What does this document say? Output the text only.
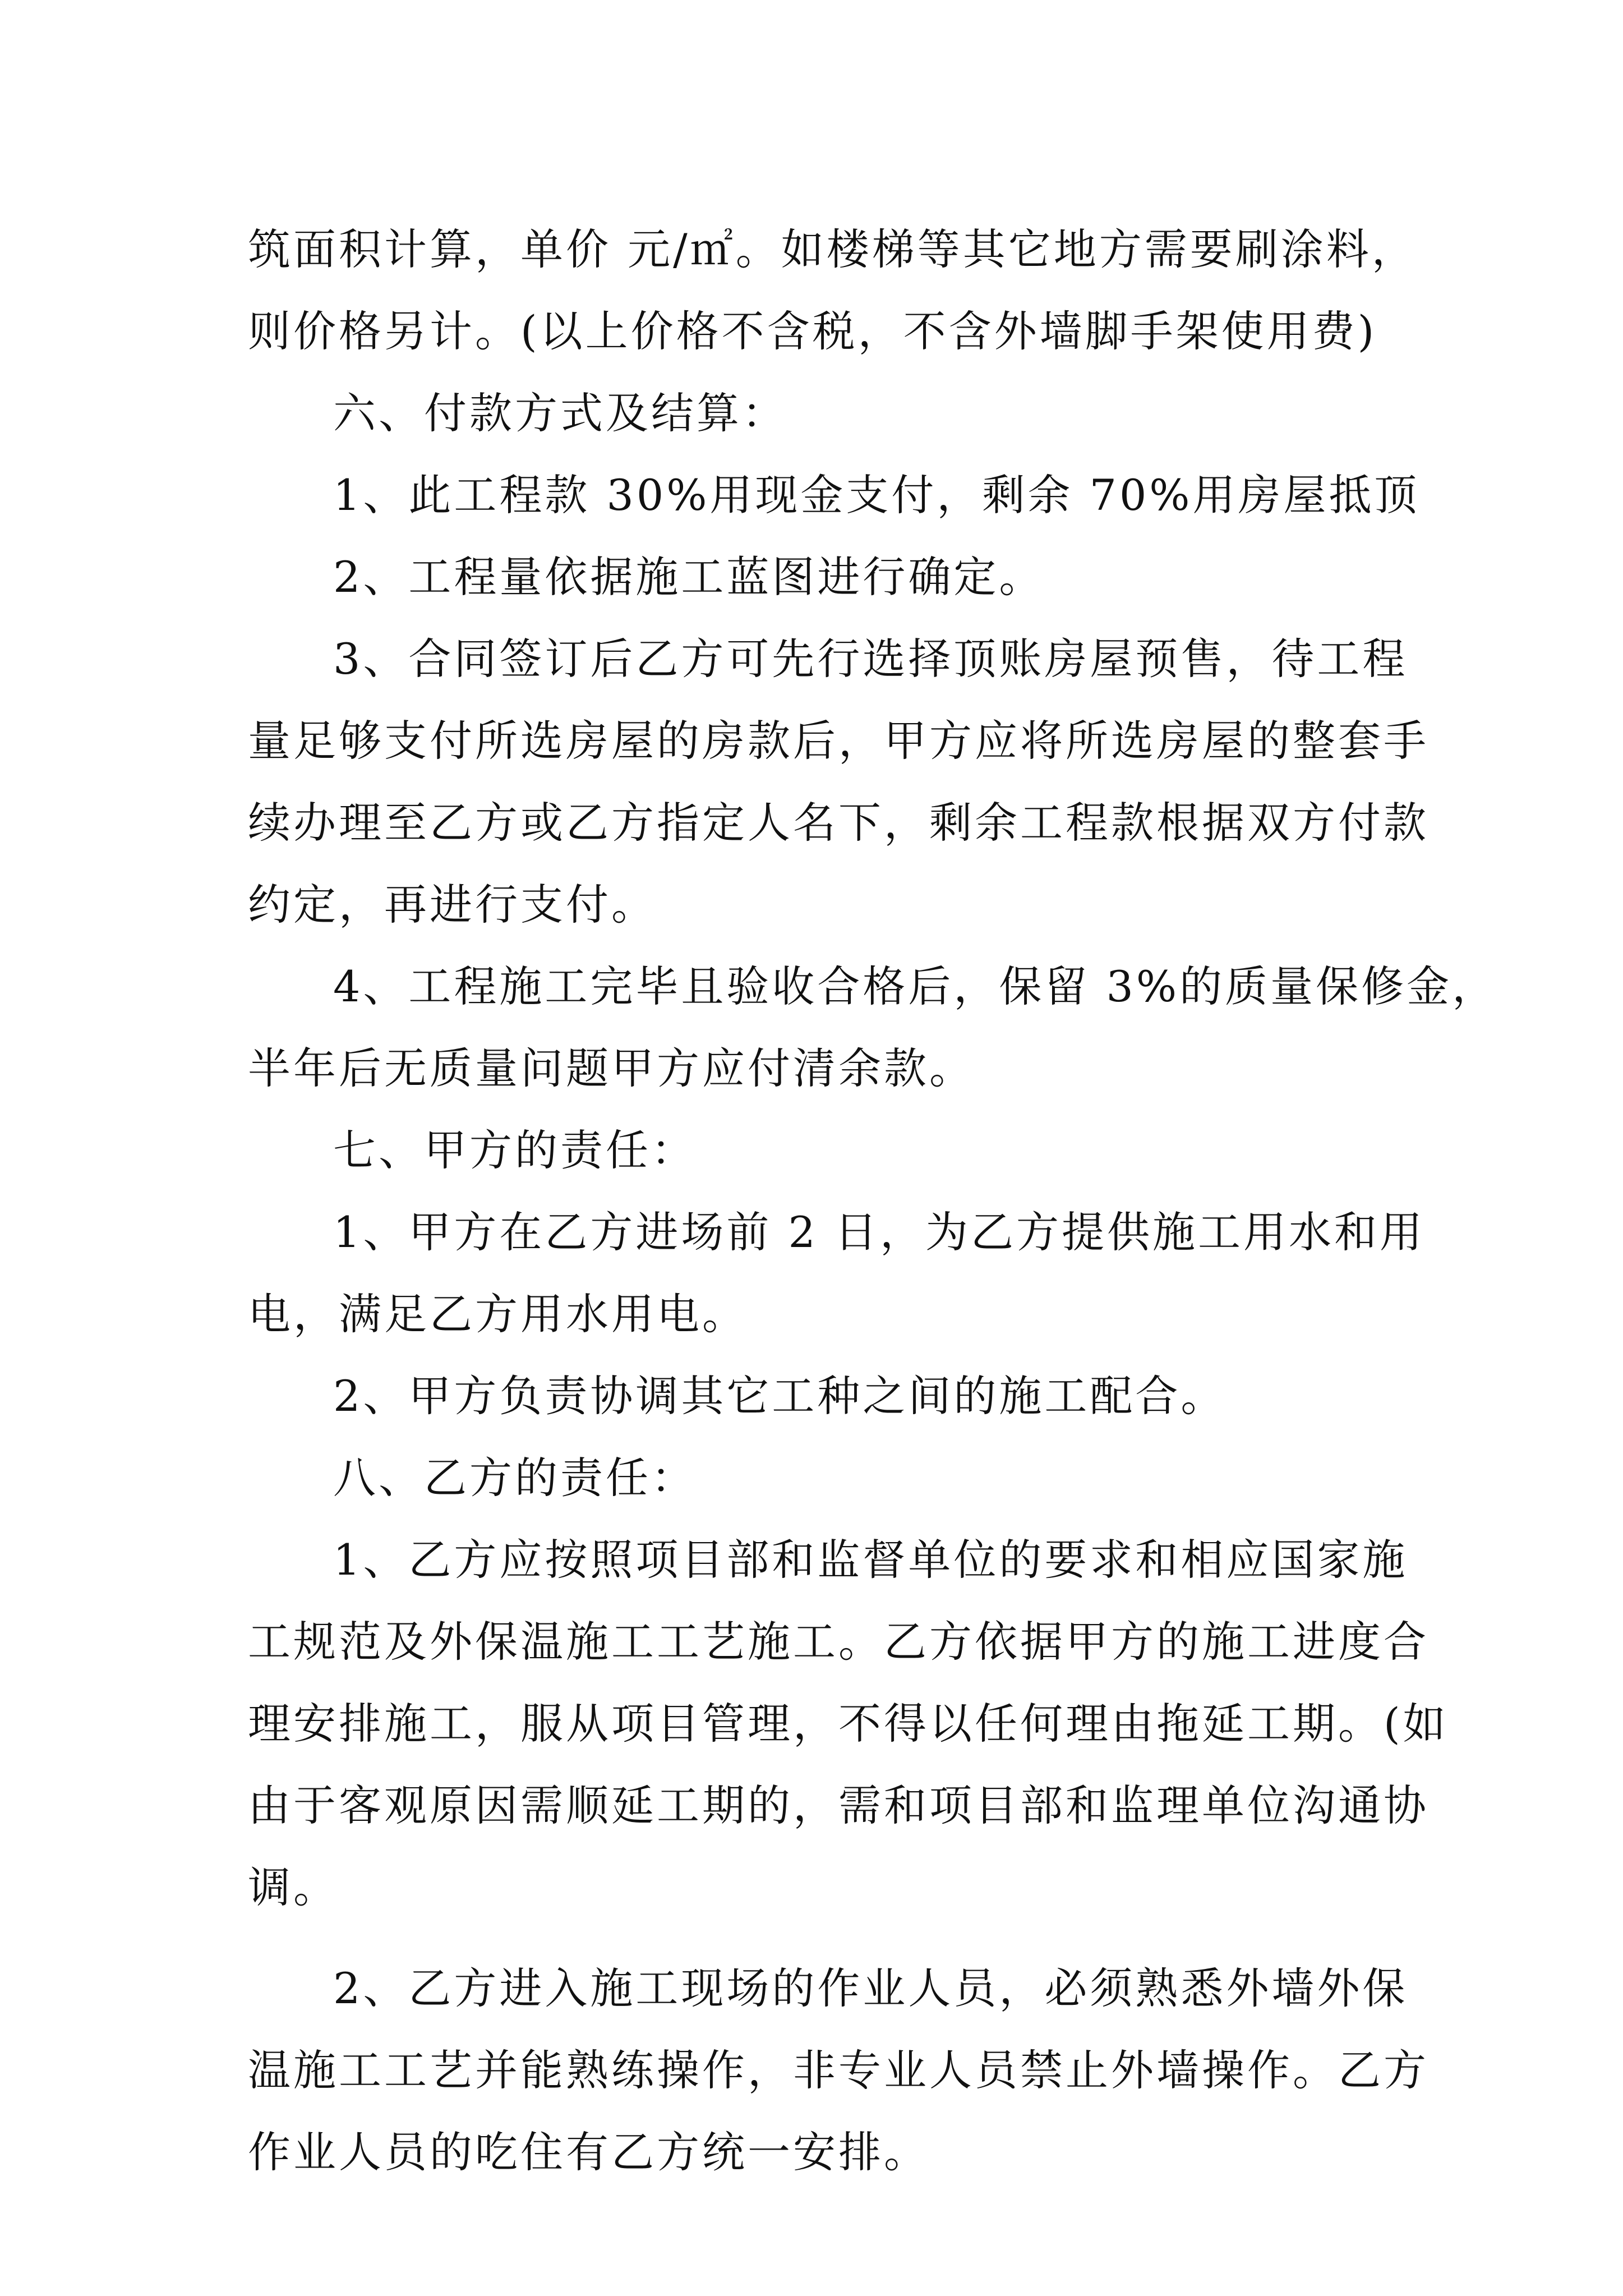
筑面积计算，单价 元/㎡。如楼梯等其它地方需要刷涂料，
则价格另计。(以上价格不含税，不含外墙脚手架使用费)

六、付款方式及结算：

1、此工程款 30%用现金支付，剩余 70%用房屋抵顶

2、工程量依据施工蓝图进行确定。

3、合同签订后乙方可先行选择顶账房屋预售，待工程
量足够支付所选房屋的房款后，甲方应将所选房屋的整套手
续办理至乙方或乙方指定人名下，剩余工程款根据双方付款
约定，再进行支付。

4、工程施工完毕且验收合格后，保留 3%的质量保修金，
半年后无质量问题甲方应付清余款。

七、甲方的责任：

1、甲方在乙方进场前 2 日，为乙方提供施工用水和用
电，满足乙方用水用电。

2、甲方负责协调其它工种之间的施工配合。

八、乙方的责任：

1、乙方应按照项目部和监督单位的要求和相应国家施
工规范及外保温施工工艺施工。乙方依据甲方的施工进度合
理安排施工，服从项目管理，不得以任何理由拖延工期。(如
由于客观原因需顺延工期的，需和项目部和监理单位沟通协
调。

2、乙方进入施工现场的作业人员，必须熟悉外墙外保
温施工工艺并能熟练操作，非专业人员禁止外墙操作。乙方
作业人员的吃住有乙方统一安排。
